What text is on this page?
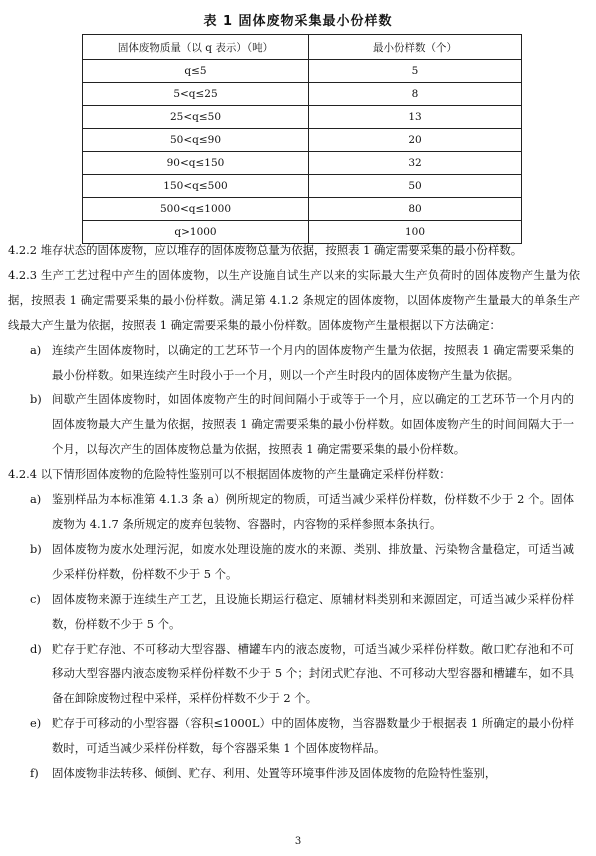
表 1 固体废物采集最小份样数
固体废物质量（以 q 表示）（吨）	最小份样数（个）
q≤5	5
5<q≤25	8
25<q≤50	13
50<q≤90	20
90<q≤150	32
150<q≤500	50
500<q≤1000	80
q>1000	100

4.2.2 堆存状态的固体废物，应以堆存的固体废物总量为依据，按照表 1 确定需要采集的最小份样数。

4.2.3 生产工艺过程中产生的固体废物，以生产设施自试生产以来的实际最大生产负荷时的固体废物产生量为依据，按照表 1 确定需要采集的最小份样数。满足第 4.1.2 条规定的固体废物，以固体废物产生量最大的单条生产线最大产生量为依据，按照表 1 确定需要采集的最小份样数。固体废物产生量根据以下方法确定：

a) 连续产生固体废物时，以确定的工艺环节一个月内的固体废物产生量为依据，按照表 1 确定需要采集的最小份样数。如果连续产生时段小于一个月，则以一个产生时段内的固体废物产生量为依据。
b) 间歇产生固体废物时，如固体废物产生的时间间隔小于或等于一个月，应以确定的工艺环节一个月内的固体废物最大产生量为依据，按照表 1 确定需要采集的最小份样数。如固体废物产生的时间间隔大于一个月，以每次产生的固体废物总量为依据，按照表 1 确定需要采集的最小份样数。

4.2.4 以下情形固体废物的危险特性鉴别可以不根据固体废物的产生量确定采样份样数：

a) 鉴别样品为本标准第 4.1.3 条 a）例所规定的物质，可适当减少采样份样数，份样数不少于 2 个。固体废物为 4.1.7 条所规定的废弃包装物、容器时，内容物的采样参照本条执行。
b) 固体废物为废水处理污泥，如废水处理设施的废水的来源、类别、排放量、污染物含量稳定，可适当减少采样份样数，份样数不少于 5 个。
c) 固体废物来源于连续生产工艺，且设施长期运行稳定、原辅材料类别和来源固定，可适当减少采样份样数，份样数不少于 5 个。
d) 贮存于贮存池、不可移动大型容器、槽罐车内的液态废物，可适当减少采样份样数。敞口贮存池和不可移动大型容器内液态废物采样份样数不少于 5 个；封闭式贮存池、不可移动大型容器和槽罐车，如不具备在卸除废物过程中采样，采样份样数不少于 2 个。
e) 贮存于可移动的小型容器（容积≤1000L）中的固体废物，当容器数量少于根据表 1 所确定的最小份样数时，可适当减少采样份样数，每个容器采集 1 个固体废物样品。
f) 固体废物非法转移、倾倒、贮存、利用、处置等环境事件涉及固体废物的危险特性鉴别，
3
